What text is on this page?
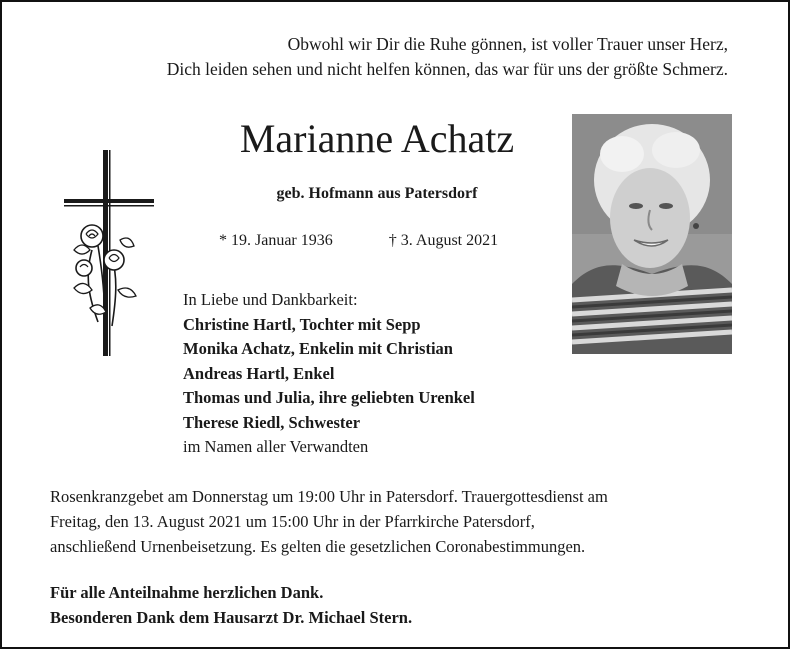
Obwohl wir Dir die Ruhe gönnen, ist voller Trauer unser Herz,
Dich leiden sehen und nicht helfen können, das war für uns der größte Schmerz.
Marianne Achatz
geb. Hofmann aus Patersdorf
* 19. Januar 1936	† 3. August 2021
In Liebe und Dankbarkeit:
Christine Hartl, Tochter mit Sepp
Monika Achatz, Enkelin mit Christian
Andreas Hartl, Enkel
Thomas und Julia, ihre geliebten Urenkel
Therese Riedl, Schwester
im Namen aller Verwandten
Rosenkranzgebet am Donnerstag um 19:00 Uhr in Patersdorf. Trauergottesdienst am
Freitag, den 13. August 2021 um 15:00 Uhr in der Pfarrkirche Patersdorf,
anschließend Urnenbeisetzung. Es gelten die gesetzlichen Coronabestimmungen.
Für alle Anteilnahme herzlichen Dank.
Besonderen Dank dem Hausarzt Dr. Michael Stern.
